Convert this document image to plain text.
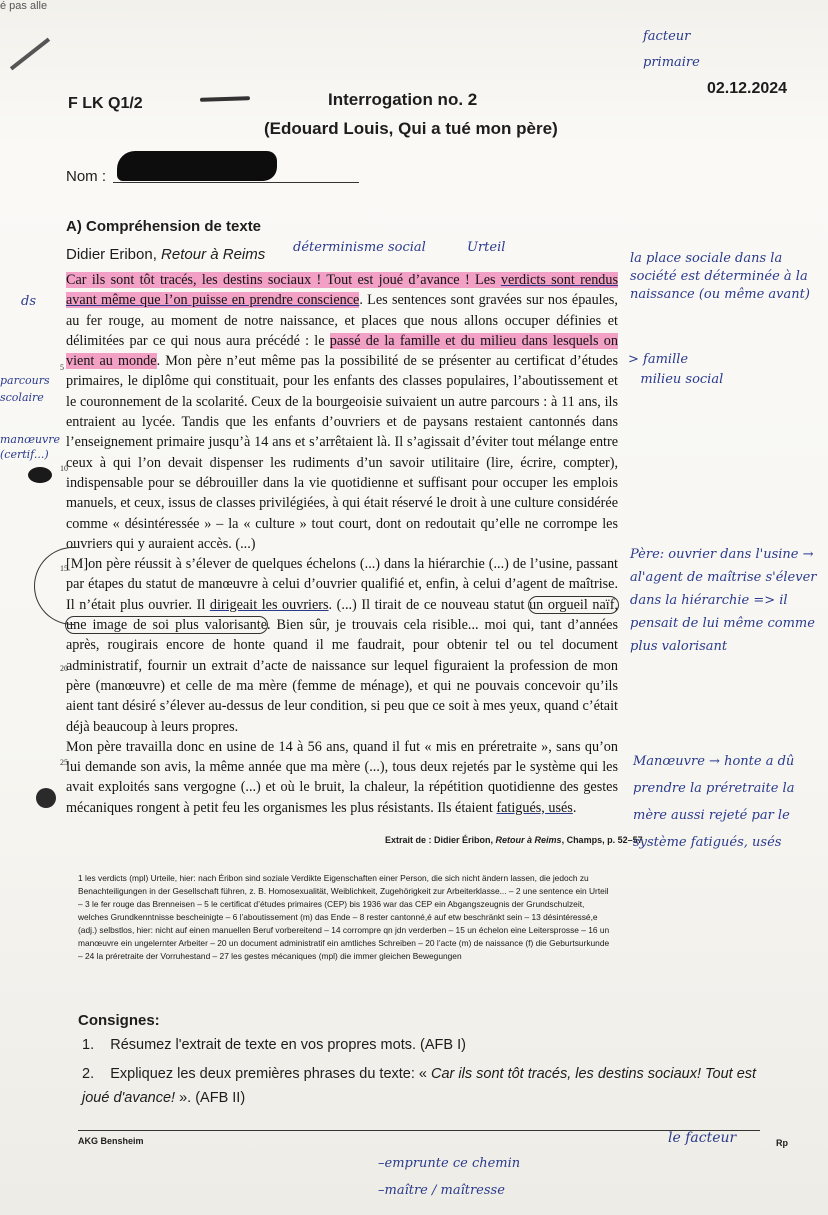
é pas alle
F LK Q1/2	Interrogation no. 2
(Edouard Louis, Qui a tué mon père)
02.12.2024
Nom :
A) Compréhension de texte
Didier Eribon, Retour à Reims
5
10
15
20
25

Car ils sont tôt tracés, les destins sociaux ! Tout est joué d’avance ! Les verdicts sont rendus avant même que l’on puisse en prendre conscience. Les sentences sont gravées sur nos épaules, au fer rouge, au moment de notre naissance, et places que nous allons occuper définies et délimitées par ce qui nous aura précédé : le passé de la famille et du milieu dans lesquels on vient au monde. Mon père n’eut même pas la possibilité de se présenter au certificat d’études primaires, le diplôme qui constituait, pour les enfants des classes populaires, l’aboutissement et le couronnement de la scolarité. Ceux de la bourgeoisie suivaient un autre parcours : à 11 ans, ils entraient au lycée. Tandis que les enfants d’ouvriers et de paysans restaient cantonnés dans l’enseignement primaire jusqu’à 14 ans et s’arrêtaient là. Il s’agissait d’éviter tout mélange entre ceux à qui l’on devait dispenser les rudiments d’un savoir utilitaire (lire, écrire, compter), indispensable pour se débrouiller dans la vie quotidienne et suffisant pour occuper les emplois manuels, et ceux, issus de classes privilégiées, à qui était réservé le droit à une culture considérée comme « désintéressée » – la « culture » tout court, dont on redoutait qu’elle ne corrompe les ouvriers qui y auraient accès. (...)

[M]on père réussit à s’élever de quelques échelons (...) dans la hiérarchie (...) de l’usine, passant par étapes du statut de manœuvre à celui d’ouvrier qualifié et, enfin, à celui d’agent de maîtrise. Il n’était plus ouvrier. Il dirigeait les ouvriers. (...) Il tirait de ce nouveau statut un orgueil naïf, une image de soi plus valorisante. Bien sûr, je trouvais cela risible... moi qui, tant d’années après, rougirais encore de honte quand il me faudrait, pour obtenir tel ou tel document administratif, fournir un extrait d’acte de naissance sur lequel figuraient la profession de mon père (manœuvre) et celle de ma mère (femme de ménage), et qui ne pouvais concevoir qu’ils aient tant désiré s’élever au-dessus de leur condition, si peu que ce soit à mes yeux, quand c’était déjà beaucoup à leurs propres.

Mon père travailla donc en usine de 14 à 56 ans, quand il fut « mis en préretraite », sans qu’on lui demande son avis, la même année que ma mère (...), tous deux rejetés par le système qui les avait exploités sans vergogne (...) et où le bruit, la chaleur, la répétition quotidienne des gestes mécaniques rongent à petit feu les organismes les plus résistants. Ils étaient fatigués, usés.

Extrait de : Didier Éribon, Retour à Reims, Champs, p. 52–57
1 les verdicts (mpl) Urteile, hier: nach Éribon sind soziale Verdikte Eigenschaften einer Person, die sich nicht ändern lassen, die jedoch zu Benachteiligungen in der Gesellschaft führen, z. B. Homosexualität, Weiblichkeit, Zugehörigkeit zur Arbeiterklasse... – 2 une sentence ein Urteil – 3 le fer rouge das Brenneisen – 5 le certificat d’études primaires (CEP) bis 1936 war das CEP ein Abgangszeugnis der Grundschulzeit, welches Grundkenntnisse bescheinigte – 6 l’aboutissement (m) das Ende – 8 rester cantonné,é auf etw beschränkt sein – 13 désintéressé,e (adj.) selbstlos, hier: nicht auf einen manuellen Beruf vorbereitend – 14 corrompre qn jdn verderben – 15 un échelon eine Leitersprosse – 16 un manœuvre ein ungelernter Arbeiter – 20 un document administratif ein amtliches Schreiben – 20 l’acte (m) de naissance (f) die Geburtsurkunde – 24 la préretraite der Vorruhestand – 27 les gestes mécaniques (mpl) die immer gleichen Bewegungen
Consignes:
1. Résumez l'extrait de texte en vos propres mots. (AFB I)
2. Expliquez les deux premières phrases du texte: « Car ils sont tôt tracés, les destins sociaux! Tout est joué d'avance! ». (AFB II)
AKG Bensheim	Rp
facteur
primaire
ds
parcours
scolaire
manœuvre
(certif...)
déterminisme social	Urteil
la place sociale dans la société est déterminée à la naissance (ou même avant)
> famille
milieu social
Père: ouvrier dans l'usine → al'agent de maîtrise s'élever dans la hiérarchie => il pensait de lui même comme plus valorisant
Manœuvre → honte a dû prendre la préretraite la mère aussi rejeté par le système fatigués, usés
–emprunte ce chemin
–maître / maîtresse
le facteur
